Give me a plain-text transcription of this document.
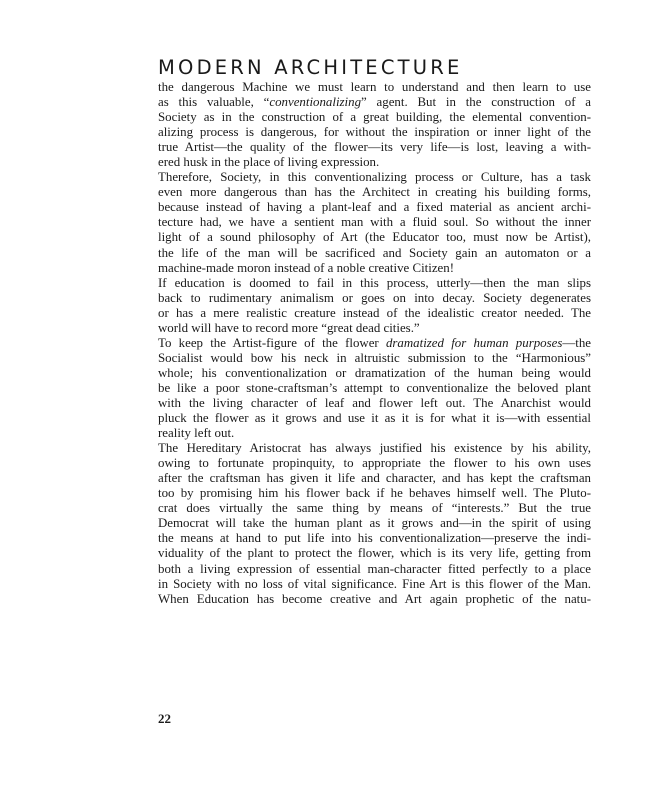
MODERN ARCHITECTURE
the dangerous Machine we must learn to understand and then learn to use
as this valuable, “conventionalizing” agent. But in the construction of a
Society as in the construction of a great building, the elemental convention-
alizing process is dangerous, for without the inspiration or inner light of the
true Artist—the quality of the flower—its very life—is lost, leaving a with-
ered husk in the place of living expression.
Therefore, Society, in this conventionalizing process or Culture, has a task
even more dangerous than has the Architect in creating his building forms,
because instead of having a plant-leaf and a fixed material as ancient archi-
tecture had, we have a sentient man with a fluid soul. So without the inner
light of a sound philosophy of Art (the Educator too, must now be Artist),
the life of the man will be sacrificed and Society gain an automaton or a
machine-made moron instead of a noble creative Citizen!
If education is doomed to fail in this process, utterly—then the man slips
back to rudimentary animalism or goes on into decay. Society degenerates
or has a mere realistic creature instead of the idealistic creator needed. The
world will have to record more “great dead cities.”
To keep the Artist-figure of the flower dramatized for human purposes—the
Socialist would bow his neck in altruistic submission to the “Harmonious”
whole; his conventionalization or dramatization of the human being would
be like a poor stone-craftsman’s attempt to conventionalize the beloved plant
with the living character of leaf and flower left out. The Anarchist would
pluck the flower as it grows and use it as it is for what it is—with essential
reality left out.
The Hereditary Aristocrat has always justified his existence by his ability,
owing to fortunate propinquity, to appropriate the flower to his own uses
after the craftsman has given it life and character, and has kept the craftsman
too by promising him his flower back if he behaves himself well. The Pluto-
crat does virtually the same thing by means of “interests.” But the true
Democrat will take the human plant as it grows and—in the spirit of using
the means at hand to put life into his conventionalization—preserve the indi-
viduality of the plant to protect the flower, which is its very life, getting from
both a living expression of essential man-character fitted perfectly to a place
in Society with no loss of vital significance. Fine Art is this flower of the Man.
When Education has become creative and Art again prophetic of the natu-
22
